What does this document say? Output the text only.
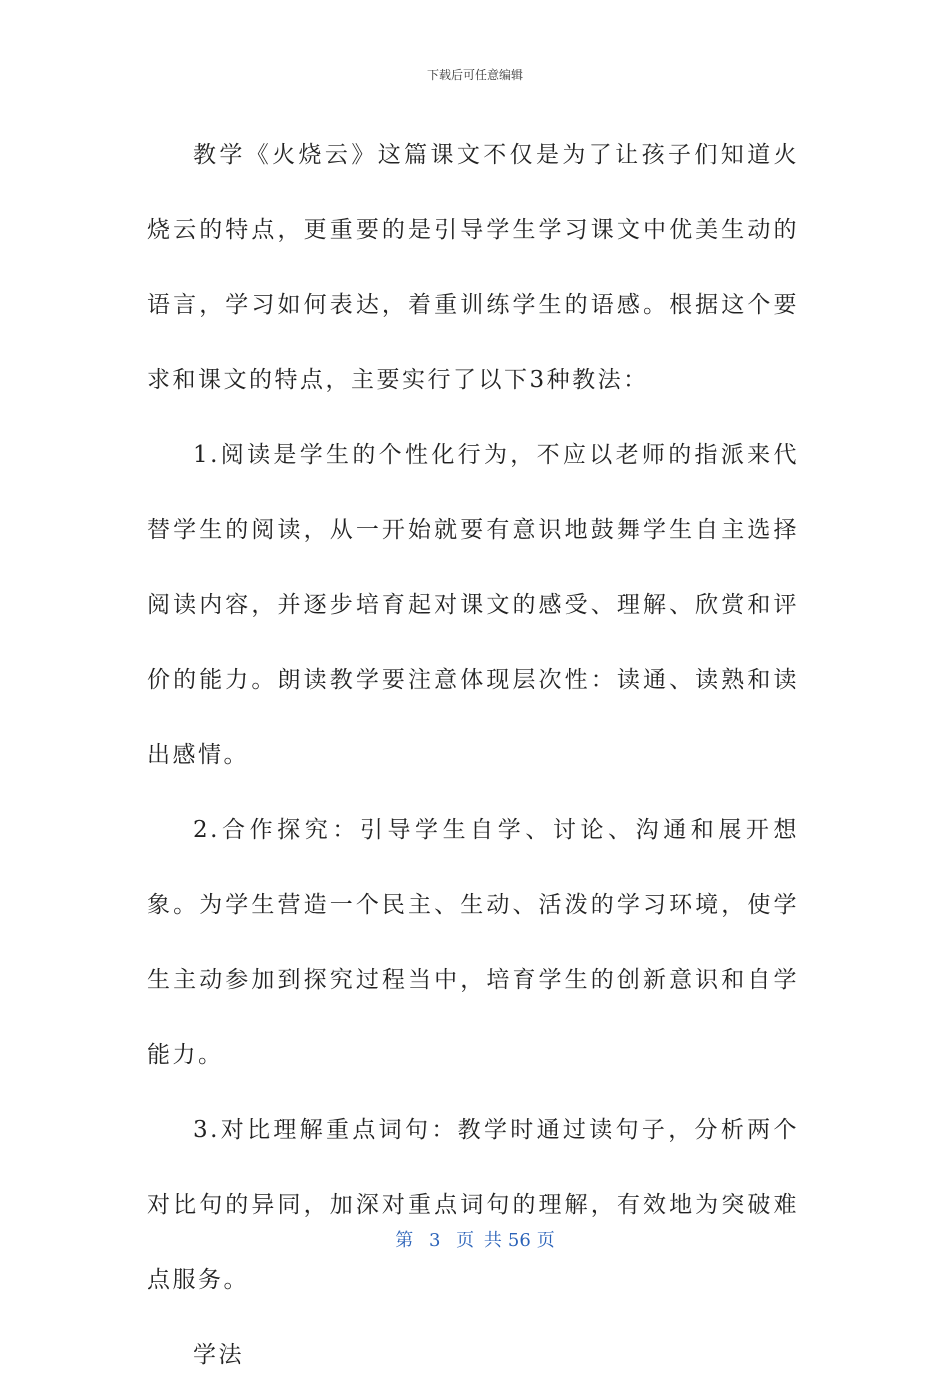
下载后可任意编辑

教学《火烧云》这篇课文不仅是为了让孩子们知道火烧云的特点，更重要的是引导学生学习课文中优美生动的语言，学习如何表达，着重训练学生的语感。根据这个要求和课文的特点，主要实行了以下3种教法：

1.阅读是学生的个性化行为，不应以老师的指派来代替学生的阅读，从一开始就要有意识地鼓舞学生自主选择阅读内容，并逐步培育起对课文的感受、理解、欣赏和评价的能力。朗读教学要注意体现层次性：读通、读熟和读出感情。

2.合作探究：引导学生自学、讨论、沟通和展开想象。为学生营造一个民主、生动、活泼的学习环境，使学生主动参加到探究过程当中，培育学生的创新意识和自学能力。

3.对比理解重点词句：教学时通过读句子，分析两个对比句的异同，加深对重点词句的理解，有效地为突破难点服务。

学法

第 3 页 共 56 页
